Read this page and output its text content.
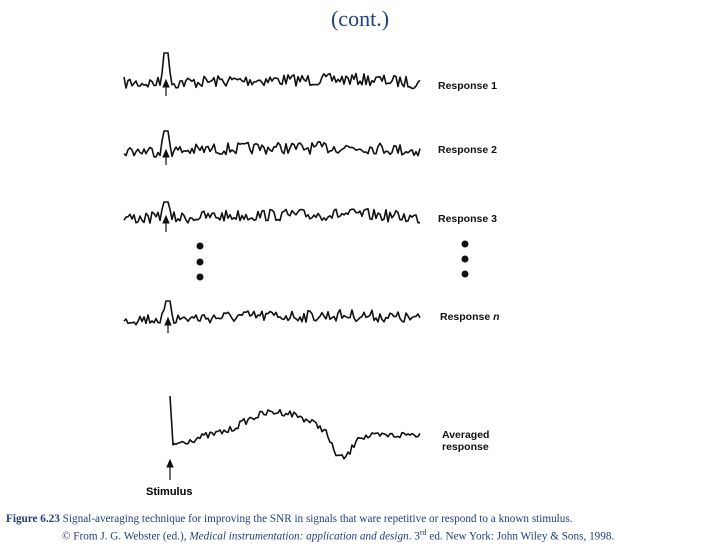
(cont.)
Response 1
Response 2
Response 3
Response n
Averaged
response
Stimulus
Figure 6.23 Signal-averaging technique for improving the SNR in signals that ware repetitive or respond to a known stimulus.
© From J. G. Webster (ed.), Medical instrumentation: application and design. 3rd ed. New York: John Wiley & Sons, 1998.
